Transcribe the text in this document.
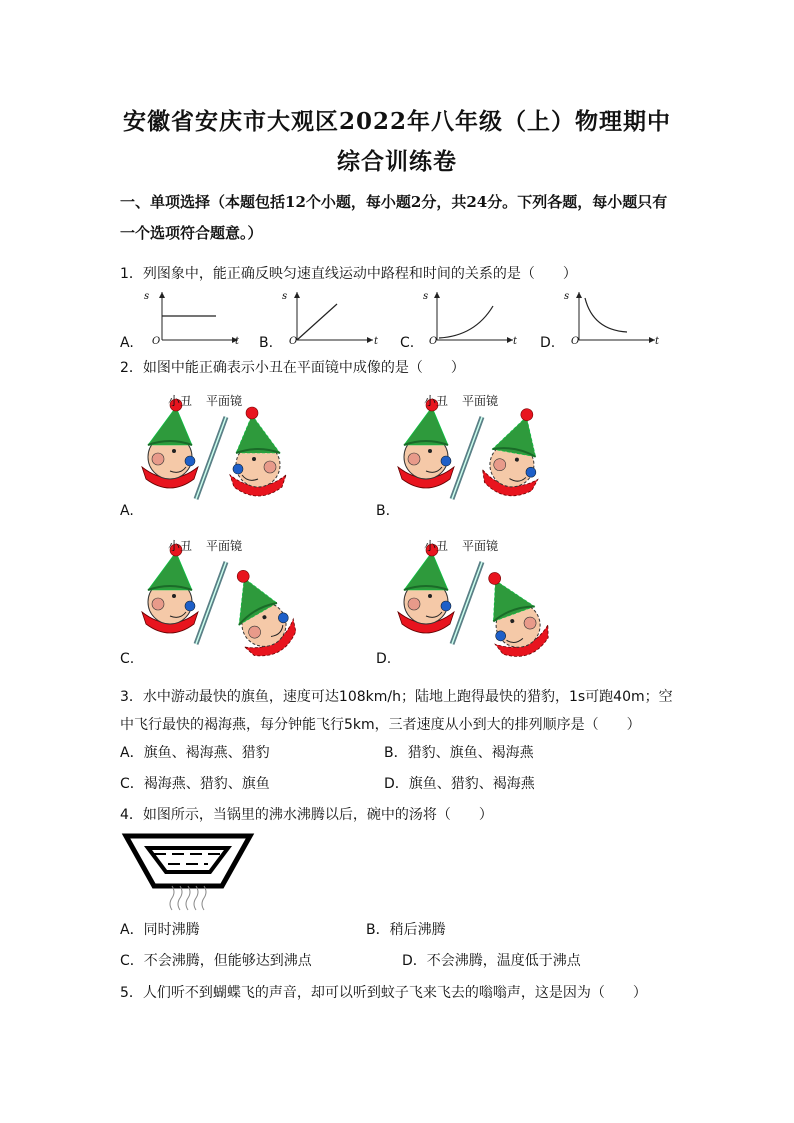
安徽省安庆市大观区2022年八年级（上）物理期中
综合训练卷
一、单项选择（本题包括12个小题，每小题2分，共24分。下列各题，每小题只有一个选项符合题意。）
1．列图象中，能正确反映匀速直线运动中路程和时间的关系的是（　　）
A.	B.	C.	D.
s
t
O
s
t
O
s
t
O
s
t
O
2．如图中能正确表示小丑在平面镜中成像的是（　　）
小丑 平面镜	小丑 平面镜
小丑 平面镜	小丑 平面镜
A.	B.
C.	D.
3．水中游动最快的旗鱼，速度可达108km/h；陆地上跑得最快的猎豹，1s可跑40m；空中飞行最快的褐海燕，每分钟能飞行5km，三者速度从小到大的排列顺序是（　　）
A．旗鱼、褐海燕、猎豹	B．猎豹、旗鱼、褐海燕
C．褐海燕、猎豹、旗鱼	D．旗鱼、猎豹、褐海燕
4．如图所示，当锅里的沸水沸腾以后，碗中的汤将（　　）
A．同时沸腾	B．稍后沸腾
C．不会沸腾，但能够达到沸点	D．不会沸腾，温度低于沸点
5．人们听不到蝴蝶飞的声音，却可以听到蚊子飞来飞去的嗡嗡声，这是因为（　　）
